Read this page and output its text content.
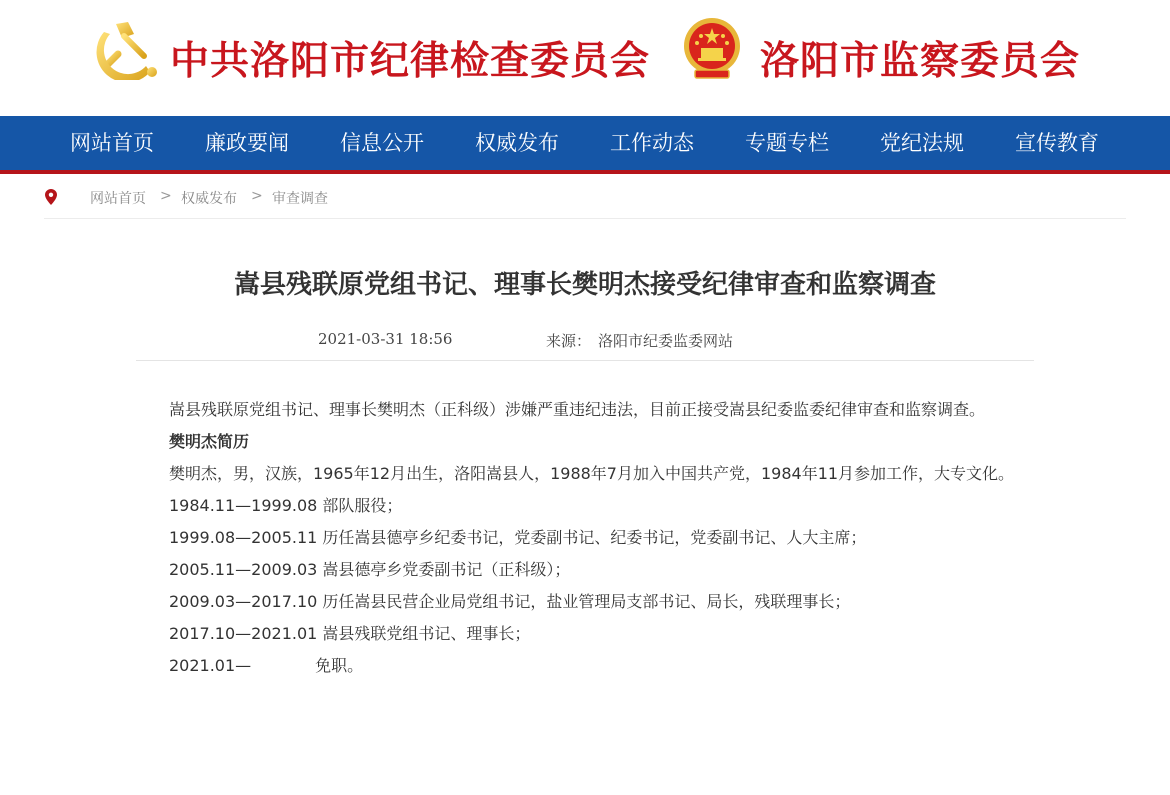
中共洛阳市纪律检查委员会	洛阳市监察委员会
网站首页 廉政要闻 信息公开 权威发布 工作动态 专题专栏 党纪法规 宣传教育
网站首页 > 权威发布 > 审查调查
嵩县残联原党组书记、理事长樊明杰接受纪律审查和监察调查
2021-03-31 18:56	来源： 洛阳市纪委监委网站

嵩县残联原党组书记、理事长樊明杰（正科级）涉嫌严重违纪违法，目前正接受嵩县纪委监委纪律审查和监察调查。

樊明杰简历

樊明杰，男，汉族，1965年12月出生，洛阳嵩县人，1988年7月加入中国共产党，1984年11月参加工作，大专文化。

1984.11—1999.08 部队服役；

1999.08—2005.11 历任嵩县德亭乡纪委书记，党委副书记、纪委书记，党委副书记、人大主席；

2005.11—2009.03 嵩县德亭乡党委副书记（正科级）；

2009.03—2017.10 历任嵩县民营企业局党组书记，盐业管理局支部书记、局长，残联理事长；

2017.10—2021.01 嵩县残联党组书记、理事长；

2021.01—　　　　免职。
